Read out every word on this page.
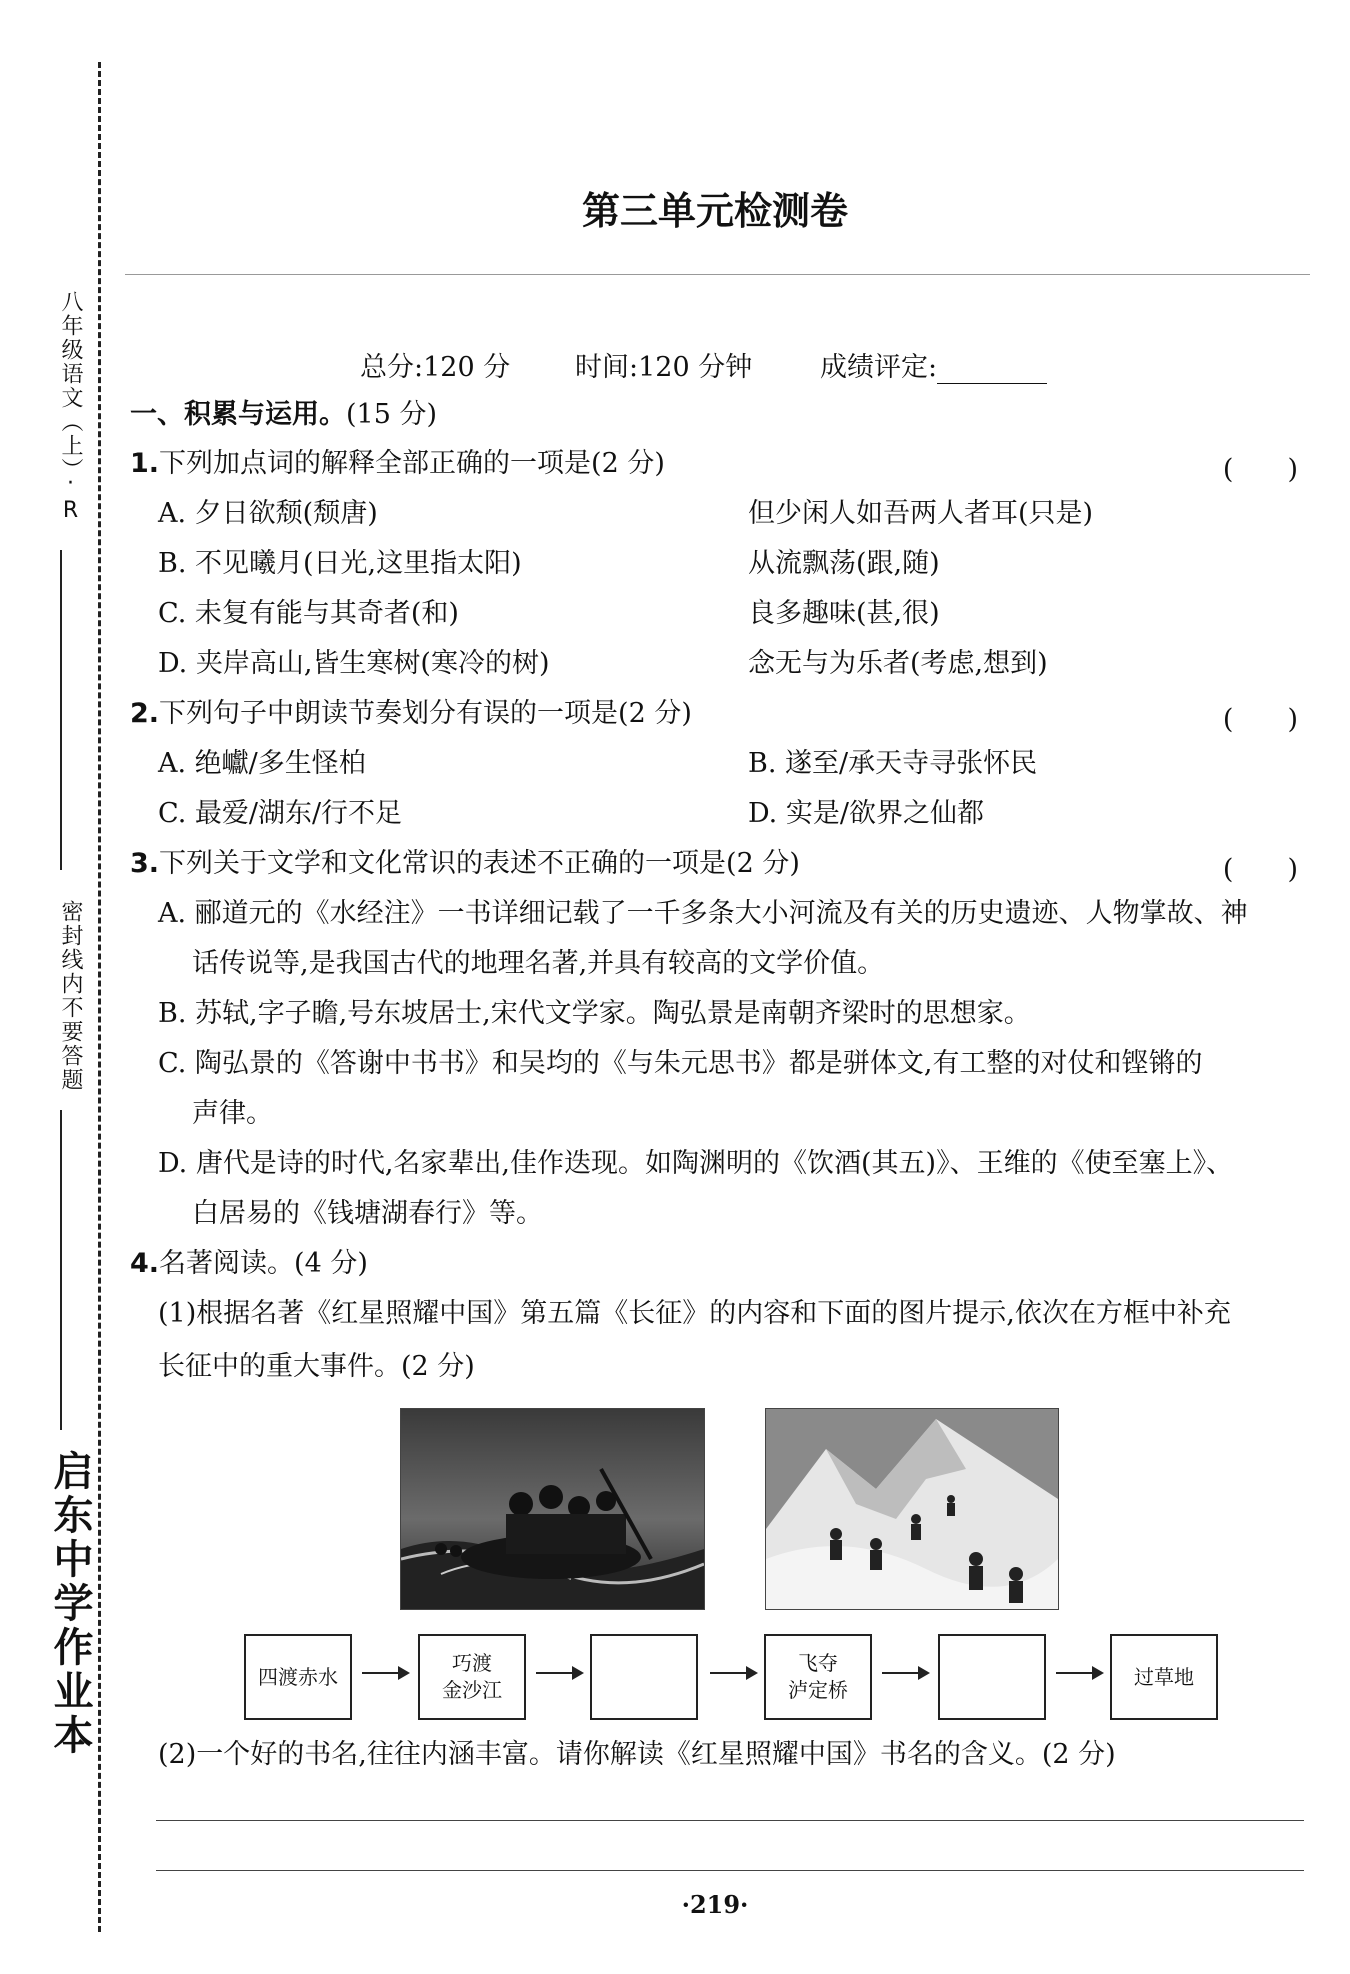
八年级语文（上）·R
密封线内不要答题
启东中学作业本
第三单元检测卷
总分:120 分 时间:120 分钟	成绩评定:
一、积累与运用。(15 分)
1.下列加点词的解释全部正确的一项是(2 分)	(　　)
A. 夕日欲颓(颓唐)	但少闲人如吾两人者耳(只是)
B. 不见曦月(日光,这里指太阳)	从流飘荡(跟,随)
C. 未复有能与其奇者(和)	良多趣味(甚,很)
D. 夹岸高山,皆生寒树(寒冷的树)	念无与为乐者(考虑,想到)
2.下列句子中朗读节奏划分有误的一项是(2 分)	(　　)
A. 绝巘/多生怪柏	B. 遂至/承天寺寻张怀民
C. 最爱/湖东/行不足	D. 实是/欲界之仙都
3.下列关于文学和文化常识的表述不正确的一项是(2 分)	(　　)
A. 郦道元的《水经注》一书详细记载了一千多条大小河流及有关的历史遗迹、人物掌故、神
话传说等,是我国古代的地理名著,并具有较高的文学价值。
B. 苏轼,字子瞻,号东坡居士,宋代文学家。陶弘景是南朝齐梁时的思想家。
C. 陶弘景的《答谢中书书》和吴均的《与朱元思书》都是骈体文,有工整的对仗和铿锵的
声律。
D. 唐代是诗的时代,名家辈出,佳作迭现。如陶渊明的《饮酒(其五)》、王维的《使至塞上》、
白居易的《钱塘湖春行》等。
4.名著阅读。(4 分)
(1)根据名著《红星照耀中国》第五篇《长征》的内容和下面的图片提示,依次在方框中补充
长征中的重大事件。(2 分)
四渡赤水
巧渡
金沙江
飞夺
泸定桥
过草地
(2)一个好的书名,往往内涵丰富。请你解读《红星照耀中国》书名的含义。(2 分)
·219·
